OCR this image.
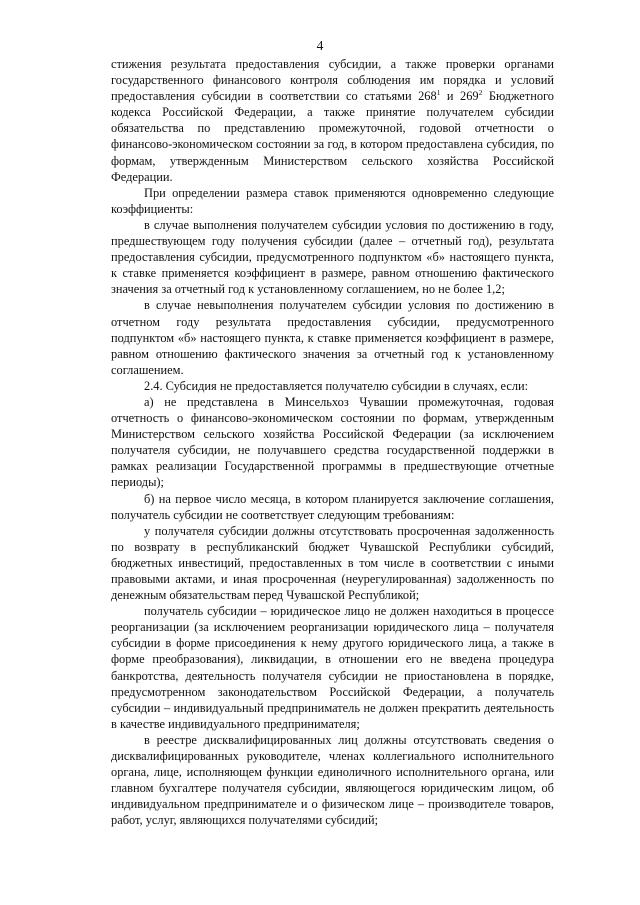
4

стижения результата предоставления субсидии, а также проверки органами государственного финансового контроля соблюдения им порядка и условий предоставления субсидии в соответствии со статьями $268^1$ и $269^2$ Бюджетного кодекса Российской Федерации, а также принятие получателем субсидии обязательства по представлению промежуточной, годовой отчетности о финансово-экономическом состоянии за год, в котором предоставлена субсидия, по формам, утвержденным Министерством сельского хозяйства Российской Федерации.

При определении размера ставок применяются одновременно следующие коэффициенты:

в случае выполнения получателем субсидии условия по достижению в году, предшествующем году получения субсидии (далее – отчетный год), результата предоставления субсидии, предусмотренного подпунктом «б» настоящего пункта, к ставке применяется коэффициент в размере, равном отношению фактического значения за отчетный год к установленному соглашением, но не более 1,2;

в случае невыполнения получателем субсидии условия по достижению в отчетном году результата предоставления субсидии, предусмотренного подпунктом «б» настоящего пункта, к ставке применяется коэффициент в размере, равном отношению фактического значения за отчетный год к установленному соглашением.

2.4. Субсидия не предоставляется получателю субсидии в случаях, если:

а) не представлена в Минсельхоз Чувашии промежуточная, годовая отчетность о финансово-экономическом состоянии по формам, утвержденным Министерством сельского хозяйства Российской Федерации (за исключением получателя субсидии, не получавшего средства государственной поддержки в рамках реализации Государственной программы в предшествующие отчетные периоды);

б) на первое число месяца, в котором планируется заключение соглашения, получатель субсидии не соответствует следующим требованиям:

у получателя субсидии должны отсутствовать просроченная задолженность по возврату в республиканский бюджет Чувашской Республики субсидий, бюджетных инвестиций, предоставленных в том числе в соответствии с иными правовыми актами, и иная просроченная (неурегулированная) задолженность по денежным обязательствам перед Чувашской Республикой;

получатель субсидии – юридическое лицо не должен находиться в процессе реорганизации (за исключением реорганизации юридического лица – получателя субсидии в форме присоединения к нему другого юридического лица, а также в форме преобразования), ликвидации, в отношении его не введена процедура банкротства, деятельность получателя субсидии не приостановлена в порядке, предусмотренном законодательством Российской Федерации, а получатель субсидии – индивидуальный предприниматель не должен прекратить деятельность в качестве индивидуального предпринимателя;

в реестре дисквалифицированных лиц должны отсутствовать сведения о дисквалифицированных руководителе, членах коллегиального исполнительного органа, лице, исполняющем функции единоличного исполнительного органа, или главном бухгалтере получателя субсидии, являющегося юридическим лицом, об индивидуальном предпринимателе и о физическом лице – производителе товаров, работ, услуг, являющихся получателями субсидий;
